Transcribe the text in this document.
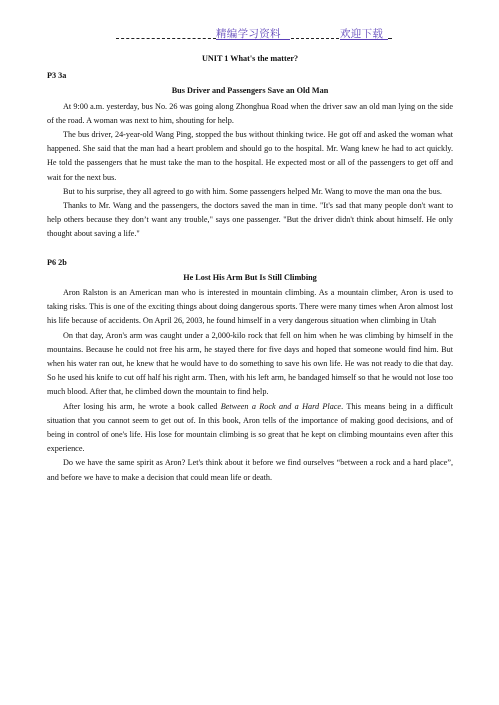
精编学习资料	欢迎下载

UNIT 1 What's the matter?

P3 3a

Bus Driver and Passengers Save an Old Man

At 9:00 a.m. yesterday, bus No. 26 was going along Zhonghua Road when the driver saw an old man lying on the side of the road. A woman was next to him, shouting for help.

The bus driver, 24-year-old Wang Ping, stopped the bus without thinking twice. He got off and asked the woman what happened. She said that the man had a heart problem and should go to the hospital. Mr. Wang knew he had to act quickly. He told the passengers that he must take the man to the hospital. He expected most or all of the passengers to get off and wait for the next bus.

But to his surprise, they all agreed to go with him. Some passengers helped Mr. Wang to move the man ona the bus.

Thanks to Mr. Wang and the passengers, the doctors saved the man in time. "It's sad that many people don't want to help others because they don’t want any trouble," says one passenger. "But the driver didn't think about himself. He only thought about saving a life."

P6 2b

He Lost His Arm But Is Still Climbing

Aron Ralston is an American man who is interested in mountain climbing. As a mountain climber, Aron is used to taking risks. This is one of the exciting things about doing dangerous sports. There were many times when Aron almost lost his life because of accidents. On April 26, 2003, he found himself in a very dangerous situation when climbing in Utah

On that day, Aron's arm was caught under a 2,000-kilo rock that fell on him when he was climbing by himself in the mountains. Because he could not free his arm, he stayed there for five days and hoped that someone would find him. But when his water ran out, he knew that he would have to do something to save his own life. He was not ready to die that day. So he used his knife to cut off half his right arm. Then, with his left arm, he bandaged himself so that he would not lose too much blood. After that, he climbed down the mountain to find help.

After losing his arm, he wrote a book called Between a Rock and a Hard Place. This means being in a difficult situation that you cannot seem to get out of. In this book, Aron tells of the importance of making good decisions, and of being in control of one's life. His lose for mountain climbing is so great that he kept on climbing mountains even after this experience.

Do we have the same spirit as Aron? Let's think about it before we find ourselves “between a rock and a hard place”, and before we have to make a decision that could mean life or death.
